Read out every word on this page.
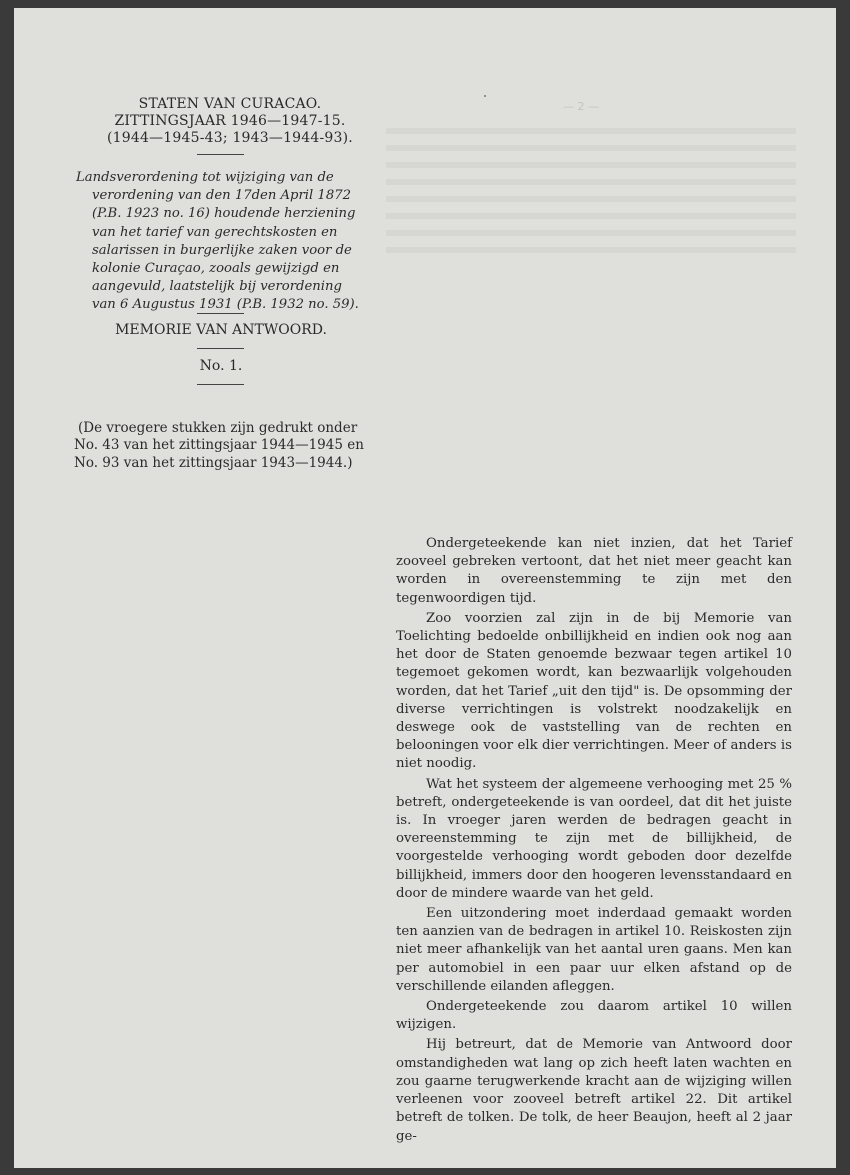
STATEN VAN CURACAO.
ZITTINGSJAAR 1946—1947-15.
(1944—1945-43; 1943—1944-93).
Landsverordening tot wijziging van de
verordening van den 17den April 1872
(P.B. 1923 no. 16) houdende herziening
van het tarief van gerechtskosten en
salarissen in burgerlijke zaken voor de
kolonie Curaçao, zooals gewijzigd en
aangevuld, laatstelijk bij verordening
van 6 Augustus 1931 (P.B. 1932 no. 59).
MEMORIE VAN ANTWOORD.
No. 1.
(De vroegere stukken zijn gedrukt onder
No. 43 van het zittingsjaar 1944—1945 en
No. 93 van het zittingsjaar 1943—1944.)
— 2 —

Ondergeteekende kan niet inzien, dat het Tarief zooveel gebreken vertoont, dat het niet meer geacht kan worden in overeenstemming te zijn met den tegenwoordigen tijd.

Zoo voorzien zal zijn in de bij Memorie van Toelichting bedoelde onbillijkheid en indien ook nog aan het door de Staten genoemde bezwaar tegen artikel 10 tegemoet gekomen wordt, kan bezwaarlijk volgehouden worden, dat het Tarief „uit den tijd" is. De opsomming der diverse verrichtingen is volstrekt noodzakelijk en deswege ook de vaststelling van de rechten en belooningen voor elk dier verrichtingen. Meer of anders is niet noodig.

Wat het systeem der algemeene verhooging met 25 % betreft, ondergeteekende is van oordeel, dat dit het juiste is. In vroeger jaren werden de bedragen geacht in overeenstemming te zijn met de billijkheid, de voorgestelde verhooging wordt geboden door dezelfde billijkheid, immers door den hoogeren levensstandaard en door de mindere waarde van het geld.

Een uitzondering moet inderdaad gemaakt worden ten aanzien van de bedragen in artikel 10. Reiskosten zijn niet meer afhankelijk van het aantal uren gaans. Men kan per automobiel in een paar uur elken afstand op de verschillende eilanden afleggen.

Ondergeteekende zou daarom artikel 10 willen wijzigen.

Hij betreurt, dat de Memorie van Antwoord door omstandigheden wat lang op zich heeft laten wachten en zou gaarne terugwerkende kracht aan de wijziging willen verleenen voor zooveel betreft artikel 22. Dit artikel betreft de tolken. De tolk, de heer Beaujon, heeft al 2 jaar ge-
